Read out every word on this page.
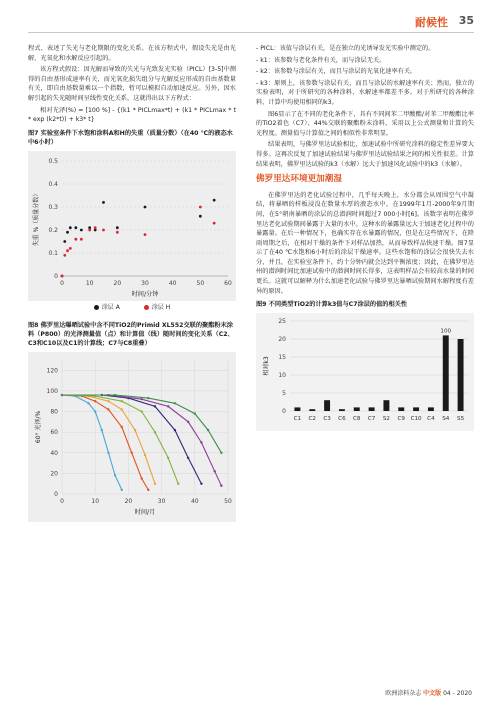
耐候性 35

程式、表述了失光与老化期限的变化关系。在该方程式中，假设失光是由光解、光氧化和水解反应引起的。

该方程式假设：因光解而导致的失光与光致发光实验（PICL）[3-5]中测得的自由基形成速率有关，而光氧化损失组分与光解反应形成的自由基数量有关，即自由基数量乘以一个指数，暂可以模拟自动加速反应。另外，因水解引起的失光随时间呈线性变化关系，这就得出以下方程式：

相对光泽(%) = [100 %] - {(k1 * PICLmax*t) + (k1 * PICLmax * t * exp (k2*t)) + k3* t}

图7 实验室条件下水饱和涂料A和H的失重（质量分数）（在40 ℃的液态水中6小时）
0
0.1
0.2
0.3
0.4
0.5
0	10	20	30	40	50	60
时间/分钟
失重 %（质量分数）
涂层 A	涂层 H
图8 佛罗里达曝晒试验中含不同TiO2的Primid XL552交联的聚酯粉末涂料（P800）的光泽测量值（点）和计算值（线）随时间的变化关系（C2、C3和C10以及C1的计算线；C7与C8重叠）
0
20
40
60
80
100
120
0	10	20	30	40	50
时间/月
60° 光泽/%

- PICL：该值与涂层有关，是在独立的光诱导发光实验中测定的。

- k1：该参数与老化条件有关，而与涂层无关。

- k2：该参数与涂层有关，而且与涂层的光氧化速率有关。

- k3：原则上，该参数与涂层有关，而且与涂层的水解速率有关；然而，独立的实验表明，对于所研究的各种涂料，水解速率都差不多。对于所研究的各种涂料，计算中均使用相同的k3。

图6显示了在不同的老化条件下，具有不同间苯二甲酸酯/对苯二甲酸酯比率的TiO2着色（C7）、44%交联的聚酯粉末涂料、采用以上公式测量和计算的失光程度。测量值与计算值之间的相似性非常明显。

结果表明，与佛罗里达试验相比，加速试验中所研究涂料的稳定性差异要大得多。这再次反复了加速试验结果与佛罗里达试验结果之间的相关性很差。计算结果表明，佛罗里达试验的k3（水解）远大于加速风化试验中的k3（水解）。

佛罗里达环境更加潮湿

在佛罗里达的老化试验过程中，几乎每天晚上，水分都会从周围空气中凝结，将暴晒的样板浸没在数量水厚的液态水中，在1999年1月-2000年9月期间，在5°朝南暴晒的涂层的总潜润时间超过7 000小时[6]。该数字表明在佛罗里达老化试验期间暴露于大量的水中。这种水的暴露量远大于加速老化过程中的暴露量。在后一种情况下，也确实存在水暴露的情况，但是在这些情况下，在降雨周期之后，在相对干燥的条件下对样品加热，从而导致样品快速干燥。图7显示了在40 ℃水饱和6小时后的涂层干燥速率。这些水饱和的涂层会很快失去水分，并且，在实验室条件下，约十分钟内就会达到平衡浓度；因此，在佛罗里达州的潜润时间比加速试验中的潜润时间长得多，这表明样品会有较高水量的时间更长。这就可以解释为什么加速老化试验与佛罗里达暴晒试验期间水解程度有差异的原因。

图9 不同类型TiO2的计算k3值与C7涂层的值的相关性
0
5
10
15
20
25
相对k3
C1 C2 C3 C6 C8 C7 S2 C9 C10 C4 S4
100
S5
欧洲涂料杂志 中文版 04 - 2020
